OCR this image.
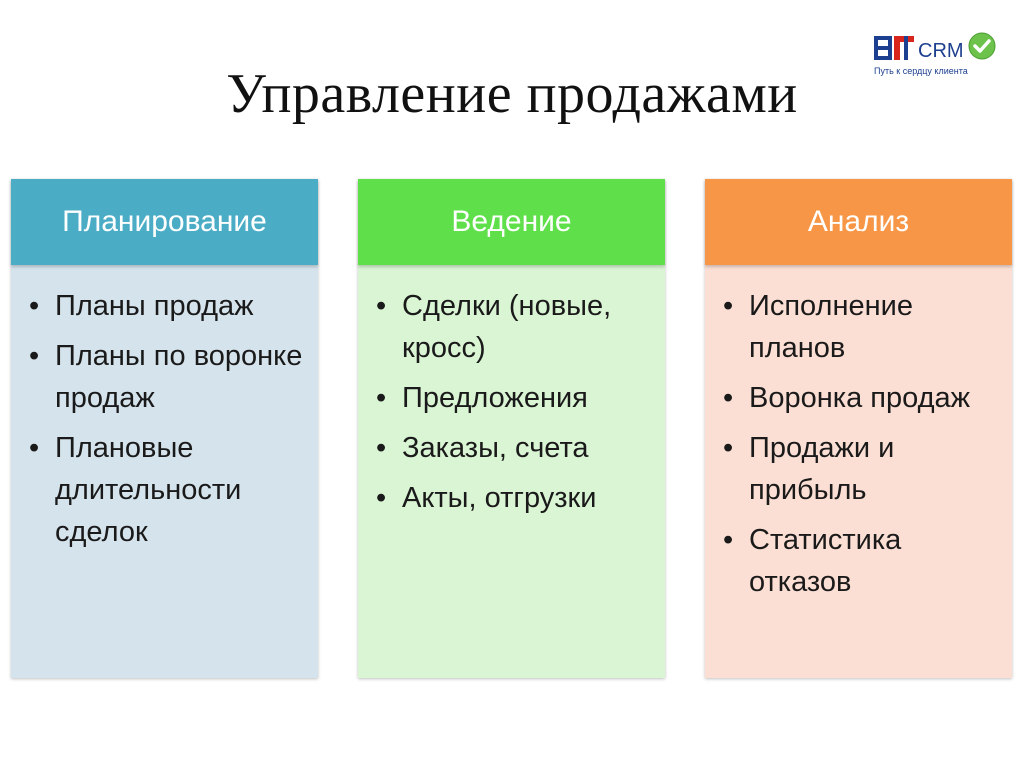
Управление продажами
CRM
Путь к сердцу клиента
Планирование
• Планы продаж
• Планы по воронке продаж
• Плановые длительности сделок
Ведение
• Сделки (новые, кросс)
• Предложения
• Заказы, счета
• Акты, отгрузки
Анализ
• Исполнение планов
• Воронка продаж
• Продажи и прибыль
• Статистика отказов
